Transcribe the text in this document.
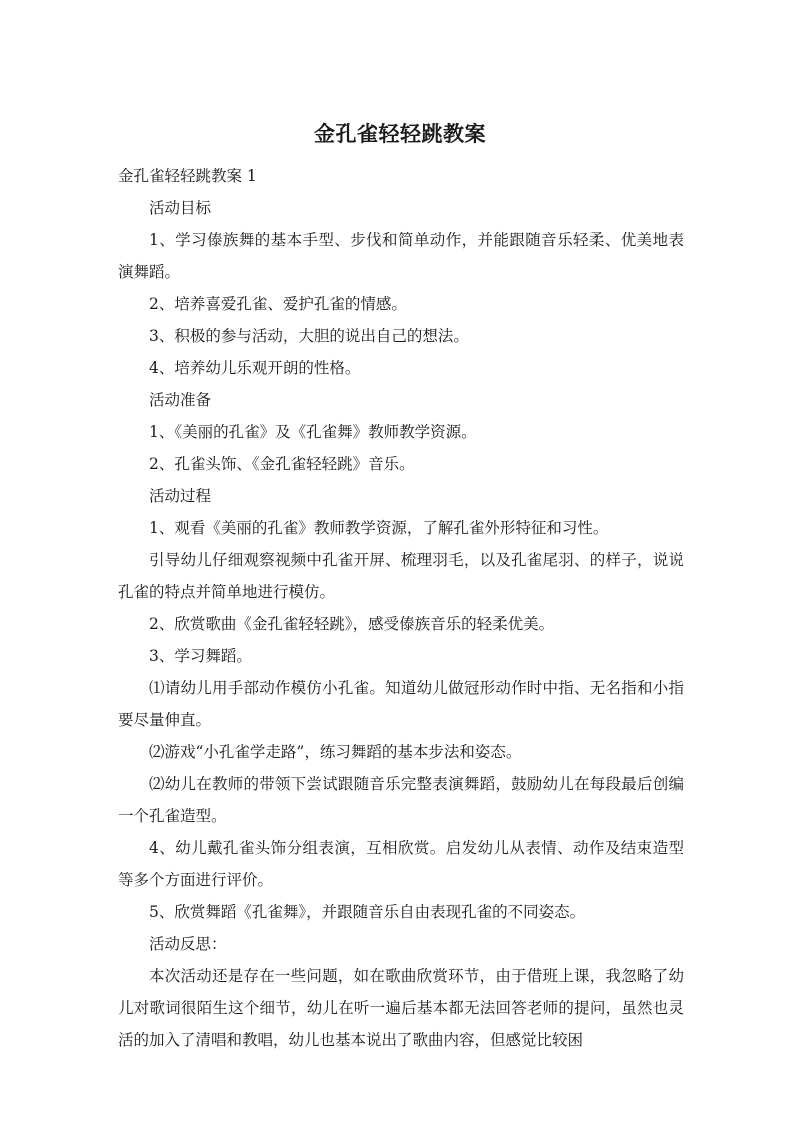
金孔雀轻轻跳教案

金孔雀轻轻跳教案 1

活动目标

1、学习傣族舞的基本手型、步伐和简单动作，并能跟随音乐轻柔、优美地表演舞蹈。

2、培养喜爱孔雀、爱护孔雀的情感。

3、积极的参与活动，大胆的说出自己的想法。

4、培养幼儿乐观开朗的性格。

活动准备

1、《美丽的孔雀》及《孔雀舞》教师教学资源。

2、孔雀头饰、《金孔雀轻轻跳》音乐。

活动过程

1、观看《美丽的孔雀》教师教学资源，了解孔雀外形特征和习性。

引导幼儿仔细观察视频中孔雀开屏、梳理羽毛，以及孔雀尾羽、的样子，说说孔雀的特点并简单地进行模仿。

2、欣赏歌曲《金孔雀轻轻跳》，感受傣族音乐的轻柔优美。

3、学习舞蹈。

⑴请幼儿用手部动作模仿小孔雀。知道幼儿做冠形动作时中指、无名指和小指要尽量伸直。

⑵游戏“小孔雀学走路”，练习舞蹈的基本步法和姿态。

⑵幼儿在教师的带领下尝试跟随音乐完整表演舞蹈，鼓励幼儿在每段最后创编一个孔雀造型。

4、幼儿戴孔雀头饰分组表演，互相欣赏。启发幼儿从表情、动作及结束造型等多个方面进行评价。

5、欣赏舞蹈《孔雀舞》，并跟随音乐自由表现孔雀的不同姿态。

活动反思：

本次活动还是存在一些问题，如在歌曲欣赏环节，由于借班上课，我忽略了幼儿对歌词很陌生这个细节，幼儿在听一遍后基本都无法回答老师的提问，虽然也灵活的加入了清唱和教唱，幼儿也基本说出了歌曲内容，但感觉比较困
